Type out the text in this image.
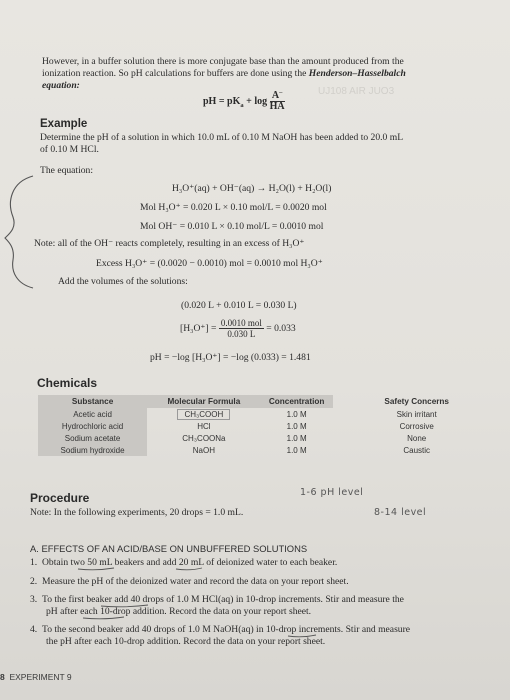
UJ108 AIR JUO3
However, in a buffer solution there is more conjugate base than the amount produced from the
ionization reaction. So pH calculations for buffers are done using the Henderson–Hasselbalch
equation:
pH = $pK_a + \log \frac{A^-}{HA}$
Example
Determine the pH of a solution in which 10.0 mL of 0.10 M NaOH has been added to 20.0 mL
of 0.10 M HCl.
The equation:
H₃O⁺(aq) + OH⁻(aq) → H₂O(l) + H₂O(l)
Mol H₃O⁺ = 0.020 L × 0.10 mol/L = 0.0020 mol
Mol OH⁻ = 0.010 L × 0.10 mol/L = 0.0010 mol
Note: all of the OH⁻ reacts completely, resulting in an excess of H₃O⁺
Excess H₃O⁺ = (0.0020 − 0.0010) mol = 0.0010 mol H₃O⁺
Add the volumes of the solutions:
(0.020 L + 0.010 L = 0.030 L)
[H₃O⁺] = 0.0010 mol
0.030 L	= 0.033
pH = −log [H₃O⁺] = −log (0.033) = 1.481
Chemicals
Substance	Molecular Formula	Concentration		Safety Concerns
Acetic acid	CH₃COOH	1.0 M		Skin irritant
Hydrochloric acid	HCl	1.0 M		Corrosive
Sodium acetate	CH₃COONa	1.0 M		None
Sodium hydroxide	NaOH	1.0 M		Caustic
Procedure
Note: In the following experiments, 20 drops = 1.0 mL.
1-6 pH level
8-14 level
A. EFFECTS OF AN ACID/BASE ON UNBUFFERED SOLUTIONS
1. Obtain two 50 mL beakers and add 20 mL of deionized water to each beaker.
2. Measure the pH of the deionized water and record the data on your report sheet.
3. To the first beaker add 40 drops of 1.0 M HCl(aq) in 10-drop increments. Stir and measure the
pH after each 10-drop addition. Record the data on your report sheet.
4. To the second beaker add 40 drops of 1.0 M NaOH(aq) in 10-drop increments. Stir and measure
the pH after each 10-drop addition. Record the data on your report sheet.
8 EXPERIMENT 9
